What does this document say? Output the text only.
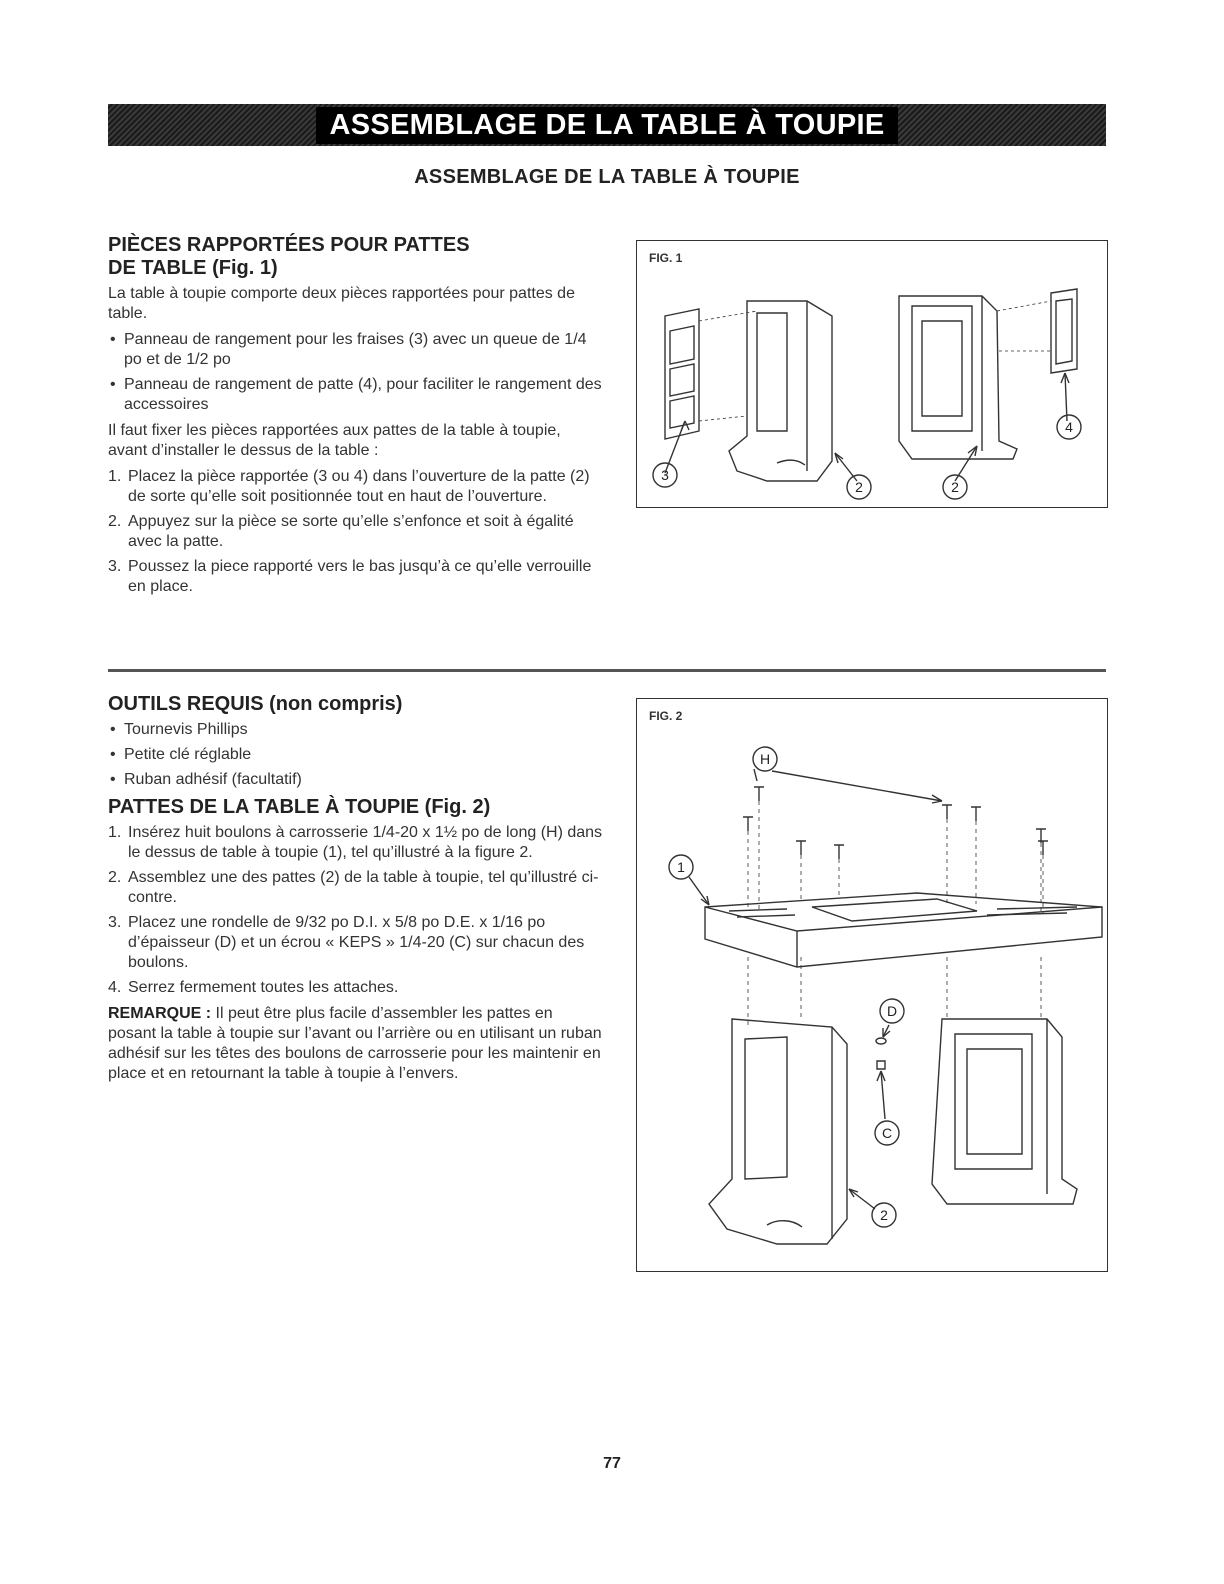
ASSEMBLAGE DE LA TABLE À TOUPIE
ASSEMBLAGE DE LA TABLE À TOUPIE
PIÈCES RAPPORTÉES POUR PATTES
DE TABLE (Fig. 1)

La table à toupie comporte deux pièces rapportées pour pattes de table.

• Panneau de rangement pour les fraises (3) avec un queue de 1/4 po et de 1/2 po
• Panneau de rangement de patte (4), pour faciliter le rangement des accessoires

Il faut fixer les pièces rapportées aux pattes de la table à toupie, avant d’installer le dessus de la table :

1. Placez la pièce rapportée (3 ou 4) dans l’ouverture de la patte (2) de sorte qu’elle soit positionnée tout en haut de l’ouverture.
2. Appuyez sur la pièce se sorte qu’elle s’enfonce et soit à égalité avec la patte.
3. Poussez la piece rapporté vers le bas jusqu’à ce qu’elle verrouille en place.
FIG. 1
3
2	2
4
OUTILS REQUIS (non compris)
• Tournevis Phillips
• Petite clé réglable
• Ruban adhésif (facultatif)
PATTES DE LA TABLE À TOUPIE (Fig. 2)
1. Insérez huit boulons à carrosserie 1/4-20 x 1½ po de long (H) dans le dessus de table à toupie (1), tel qu’illustré à la figure 2.
2. Assemblez une des pattes (2) de la table à toupie, tel qu’illustré ci-contre.
3. Placez une rondelle de 9/32 po D.I. x 5/8 po D.E. x 1/16 po d’épaisseur (D) et un écrou « KEPS » 1/4-20 (C) sur chacun des boulons.
4. Serrez fermement toutes les attaches.

REMARQUE : Il peut être plus facile d’assembler les pattes en posant la table à toupie sur l’avant ou l’arrière ou en utilisant un ruban adhésif sur les têtes des boulons de carrosserie pour les maintenir en place et en retournant la table à toupie à l’envers.

FIG. 2
H
1
D
C
2
77
